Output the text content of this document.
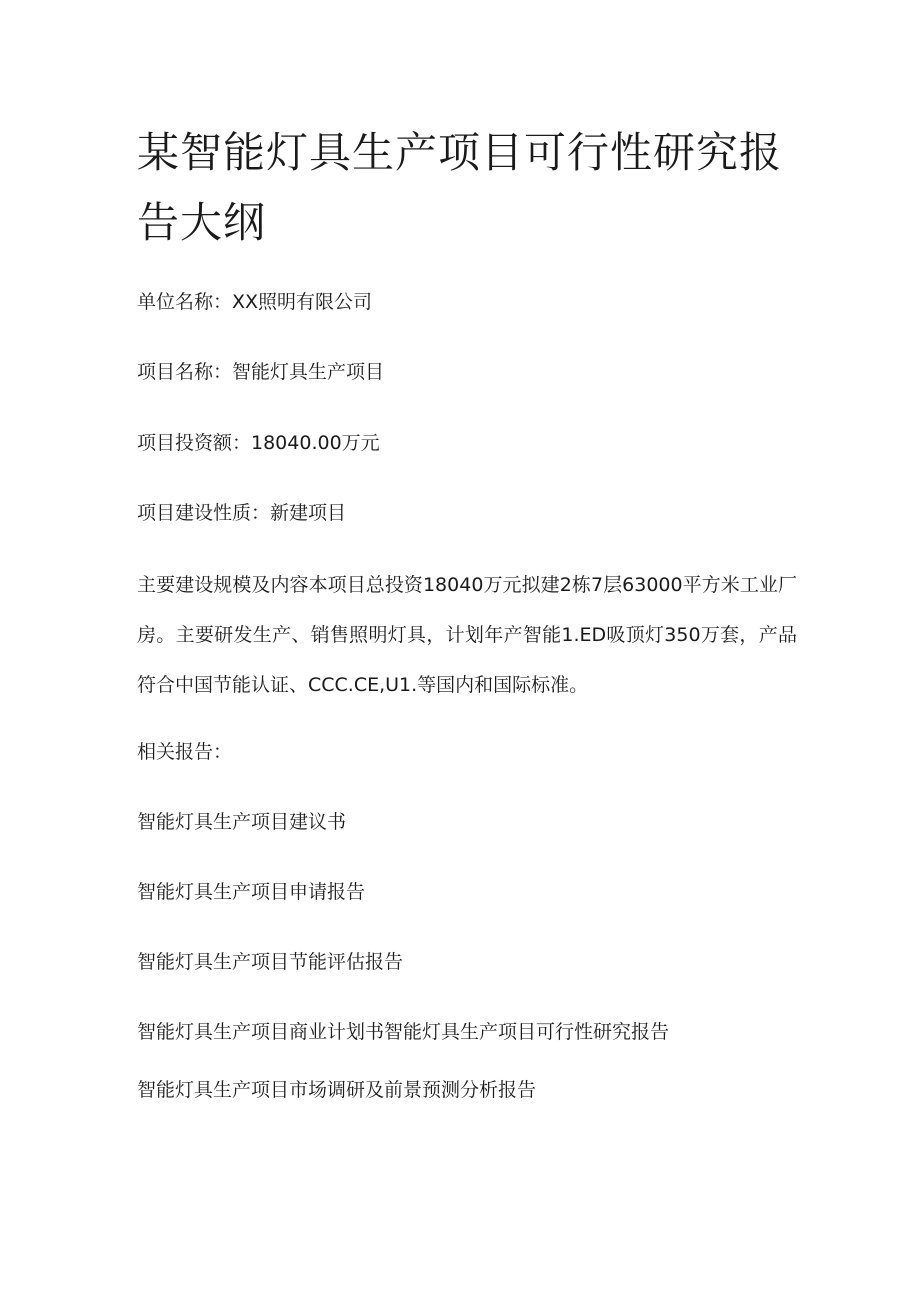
某智能灯具生产项目可行性研究报告大纲

单位名称：XX照明有限公司

项目名称：智能灯具生产项目

项目投资额：18040.00万元

项目建设性质：新建项目

主要建设规模及内容本项目总投资18040万元拟建2栋7层63000平方米工业厂房。主要研发生产、销售照明灯具，计划年产智能1.ED吸顶灯350万套，产品符合中国节能认证、CCC.CE,U1.等国内和国际标准。

相关报告：

智能灯具生产项目建议书

智能灯具生产项目申请报告

智能灯具生产项目节能评估报告

智能灯具生产项目商业计划书智能灯具生产项目可行性研究报告

智能灯具生产项目市场调研及前景预测分析报告
